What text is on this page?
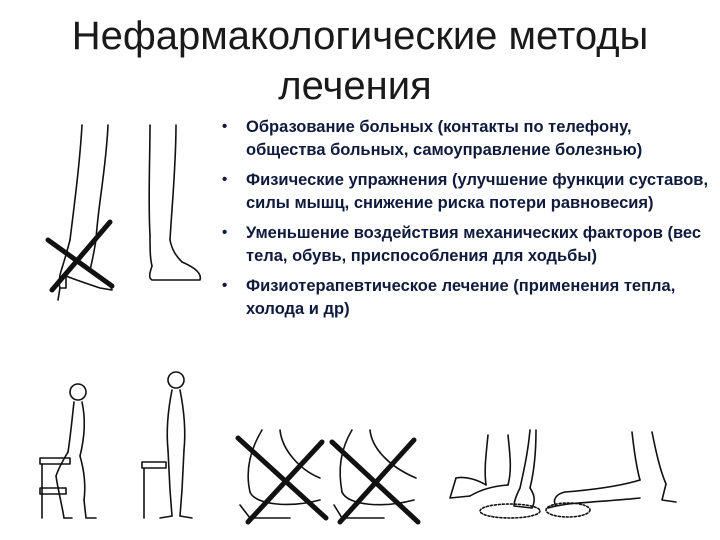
Нефармакологические методы
лечения
• Образование больных (контакты по телефону, общества больных, самоуправление болезнью)
• Физические упражнения (улучшение функции суставов, силы мышц, снижение риска потери равновесия)
• Уменьшение воздействия механических факторов (вес тела, обувь, приспособления для ходьбы)
• Физиотерапевтическое лечение (применения тепла, холода и др)
